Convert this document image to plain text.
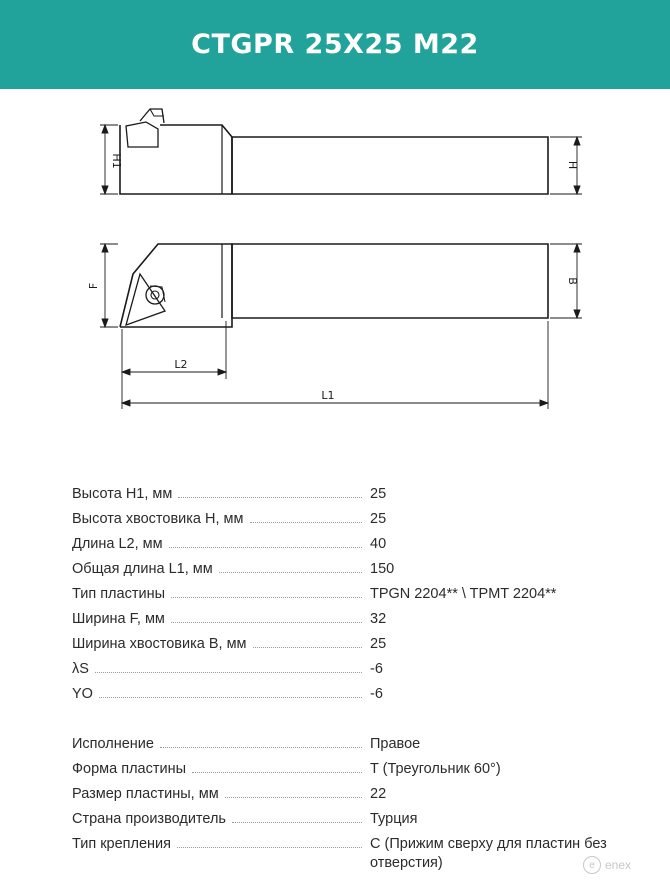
CTGPR 25X25 M22
H1	H
F
B
L2
L1
Высота H1, мм	25
Высота хвостовика H, мм	25
Длина L2, мм	40
Общая длина L1, мм	150
Тип пластины	TPGN 2204** \ TPMT 2204**
Ширина F, мм	32
Ширина хвостовика B, мм	25
λS	-6
YO	-6
Исполнение	Правое
Форма пластины	T (Треугольник 60°)
Размер пластины, мм	22
Страна производитель	Турция
Тип крепления	C (Прижим сверху для пластин без отверстия)	e enex
